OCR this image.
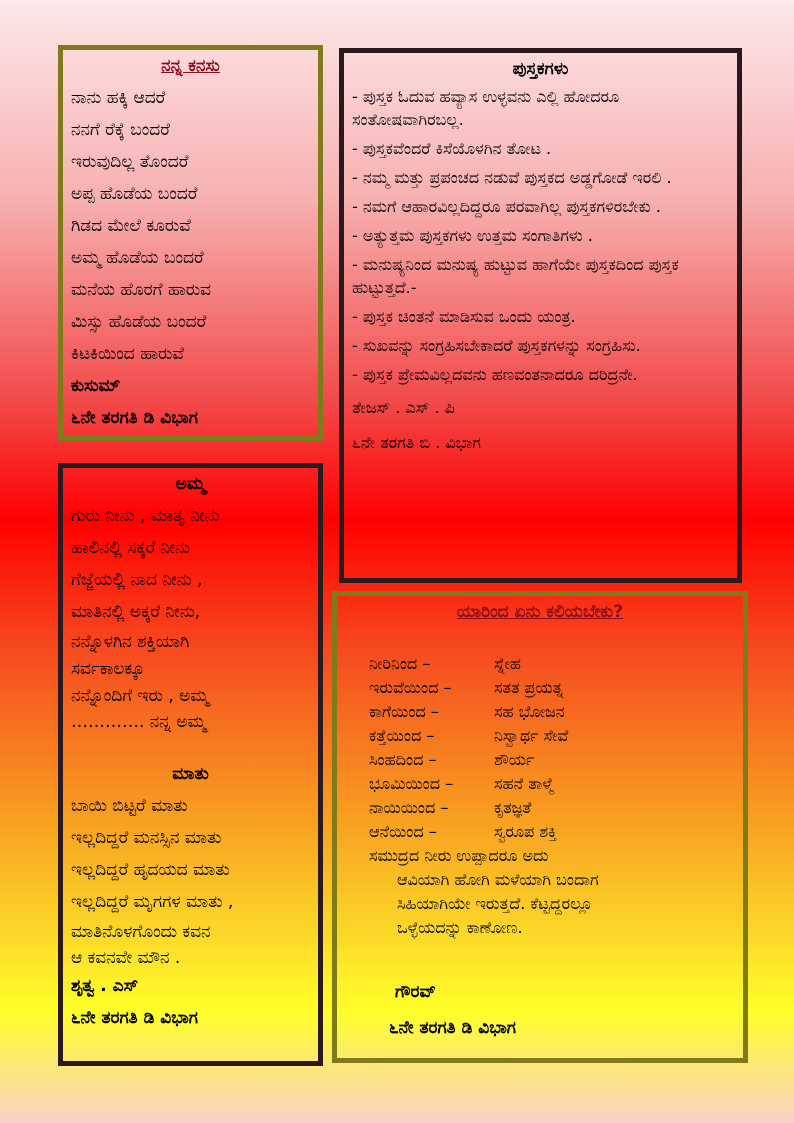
ನನ್ನ ಕನಸು
ನಾನು ಹಕ್ಕಿ ಆದರೆ
ನನಗೆ ರೆಕ್ಕೆ ಬಂದರೆ
ಇರುವುದಿಲ್ಲ ತೊಂದರೆ
ಅಪ್ಪ ಹೊಡೆಯ ಬಂದರೆ
ಗಿಡದ ಮೇಲೆ ಕೂರುವೆ
ಅಮ್ಮ ಹೊಡೆಯ ಬಂದರೆ
ಮನೆಯ ಹೊರಗೆ ಹಾರುವ
ಮಿಸ್ಸು ಹೊಡೆಯ ಬಂದರೆ
ಕಿಟಕಿಯಿಂದ ಹಾರುವೆ
ಕುಸುಮ್
೬ನೇ ತರಗತಿ ಡಿ ವಿಭಾಗ
ಪುಸ್ತಕಗಳು
- ಪುಸ್ತಕ ಓದುವ ಹವ್ಯಾಸ ಉಳ್ಳವನು ಎಲ್ಲಿ ಹೋದರೂ ಸಂತೋಷವಾಗಿರಬಲ್ಲ.
- ಪುಸ್ತಕವೆಂದರೆ ಕಿಸೆಯೊಳಗಿನ ತೋಟ .
- ನಮ್ಮ ಮತ್ತು ಪ್ರಪಂಚದ ನಡುವೆ ಪುಸ್ತಕದ ಅಡ್ಡಗೋಡೆ ಇರಲಿ .
- ನಮಗೆ ಆಹಾರವಿಲ್ಲದಿದ್ದರೂ ಪರವಾಗಿಲ್ಲ ಪುಸ್ತಕಗಳಿರಬೇಕು .
- ಅತ್ಯುತ್ತಮ ಪುಸ್ತಕಗಳು ಉತ್ತಮ ಸಂಗಾತಿಗಳು .
- ಮನುಷ್ಯನಿಂದ ಮನುಷ್ಯ ಹುಟ್ಟುವ ಹಾಗೆಯೇ ಪುಸ್ತಕದಿಂದ ಪುಸ್ತಕ ಹುಟ್ಟುತ್ತದೆ.-
- ಪುಸ್ತಕ ಚಿಂತನೆ ಮಾಡಿಸುವ ಒಂದು ಯಂತ್ರ.
- ಸುಖವನ್ನು ಸಂಗ್ರಹಿಸಬೇಕಾದರೆ ಪುಸ್ತಕಗಳನ್ನು ಸಂಗ್ರಹಿಸು.
- ಪುಸ್ತಕ ಪ್ರೇಮವಿಲ್ಲದವನು ಹಣವಂತನಾದರೂ ದರಿದ್ರನೇ.
ತೇಜಸ್ . ಎಸ್ . ಪಿ
೬ನೇ ತರಗತಿ ಬಿ . ವಿಭಾಗ
ಅಮ್ಮ
ಗುರು ನೀನು , ಮಾತೃ ನೀನು
ಹಾಲಿನಲ್ಲಿ ಸಕ್ಕರೆ ನೀನು
ಗೆಜ್ಜೆಯಲ್ಲಿ ನಾದ ನೀನು ,
ಮಾತಿನಲ್ಲಿ ಅಕ್ಕರೆ ನೀನು,
ನನ್ನೊಳಗಿನ ಶಕ್ತಿಯಾಗಿ
ಸರ್ವಕಾಲಕ್ಕೂ
ನನ್ನೊಂದಿಗೆ ಇರು , ಅಮ್ಮ
…………. ನನ್ನ ಅಮ್ಮ
ಮಾತು
ಬಾಯಿ ಬಿಟ್ಟರೆ ಮಾತು
ಇಲ್ಲದಿದ್ದರೆ ಮನಸ್ಸಿನ ಮಾತು
ಇಲ್ಲದಿದ್ದರೆ ಹೃದಯದ ಮಾತು
ಇಲ್ಲದಿದ್ದರೆ ಮೃಗಗಳ ಮಾತು ,
ಮಾತಿನೊಳಗೊಂದು ಕವನ
ಆ ಕವನವೇ ಮೌನ .
ಶೃತ್ವ . ಎಸ್
೬ನೇ ತರಗತಿ ಡಿ ವಿಭಾಗ
ಯಾರಿಂದ ಏನು ಕಲಿಯಬೇಕು?
ನೀರಿನಿಂದ –	ಸ್ನೇಹ
ಇರುವೆಯಿಂದ –	ಸತತ ಪ್ರಯತ್ನ
ಕಾಗೆಯಿಂದ –	ಸಹ ಭೋಜನ
ಕತ್ತೆಯಿಂದ –	ನಿಸ್ವಾರ್ಥ ಸೇವೆ
ಸಿಂಹದಿಂದ –	ಶೌರ್ಯ
ಭೂಮಿಯಿಂದ –	ಸಹನೆ ತಾಳ್ಮೆ
ನಾಯಿಯಿಂದ –	ಕೃತಜ್ಞತೆ
ಆನೆಯಿಂದ –	ಸ್ವರೂಪ ಶಕ್ತಿ
ಸಮುದ್ರದ ನೀರು ಉಪ್ಪಾದರೂ ಅದು
ಆವಿಯಾಗಿ ಹೋಗಿ ಮಳೆಯಾಗಿ ಬಂದಾಗ
ಸಿಹಿಯಾಗಿಯೇ ಇರುತ್ತದೆ. ಕೆಟ್ಟದ್ದರಲ್ಲೂ
ಒಳ್ಳೆಯದನ್ನು ಕಾಣೋಣ.
ಗೌರವ್
೬ನೇ ತರಗತಿ ಡಿ ವಿಭಾಗ
